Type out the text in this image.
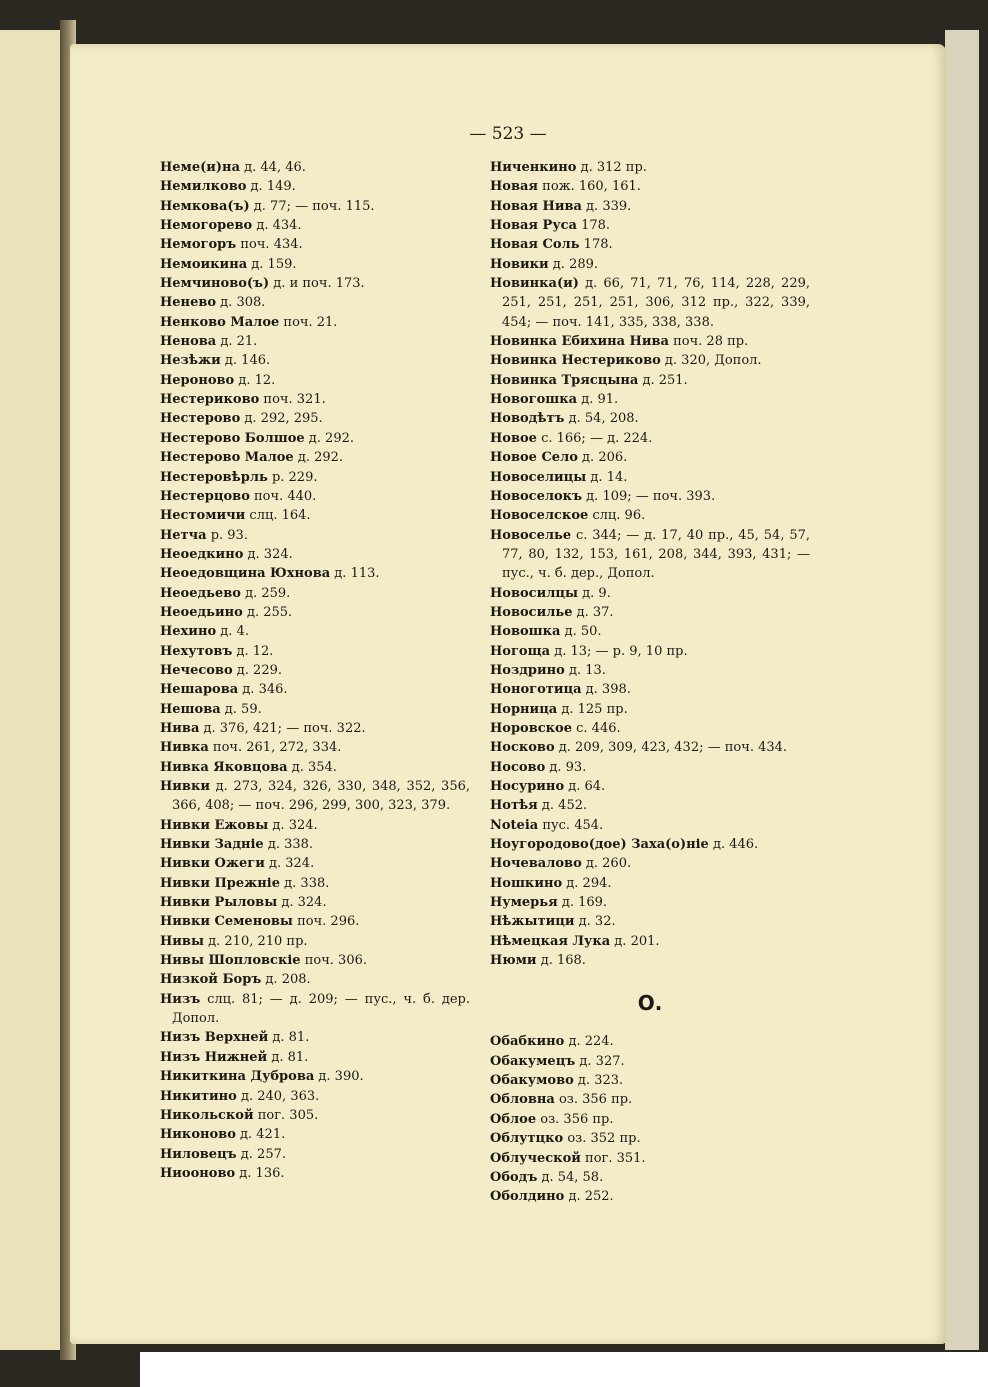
— 523 —
Неме(и)на д. 44, 46.
Немилково д. 149.
Немкова(ъ) д. 77; — поч. 115.
Немогорево д. 434.
Немогоръ поч. 434.
Немоикина д. 159.
Немчиново(ъ) д. и поч. 173.
Ненево д. 308.
Ненково Малое поч. 21.
Ненова д. 21.
Незѣжи д. 146.
Нероново д. 12.
Нестериково поч. 321.
Нестерово д. 292, 295.
Нестерово Болшое д. 292.
Нестерово Малое д. 292.
Нестеровѣрль р. 229.
Нестерцово поч. 440.
Нестомичи слц. 164.
Нетча р. 93.
Неоедкино д. 324.
Неоедовщина Юхнова д. 113.
Неоедьево д. 259.
Неоедьино д. 255.
Нехино д. 4.
Нехутовъ д. 12.
Нечесово д. 229.
Нешарова д. 346.
Нешова д. 59.
Нива д. 376, 421; — поч. 322.
Нивка поч. 261, 272, 334.
Нивка Яковцова д. 354.
Нивки д. 273, 324, 326, 330, 348, 352, 356, 366, 408; — поч. 296, 299, 300, 323, 379.
Нивки Ежовы д. 324.
Нивки Задніе д. 338.
Нивки Ожеги д. 324.
Нивки Прежніе д. 338.
Нивки Рыловы д. 324.
Нивки Семеновы поч. 296.
Нивы д. 210, 210 пр.
Нивы Шопловскіе поч. 306.
Низкой Боръ д. 208.
Низъ слц. 81; — д. 209; — пус., ч. б. дер. Допол.
Низъ Верхней д. 81.
Низъ Нижней д. 81.
Никиткина Дуброва д. 390.
Никитино д. 240, 363.
Никольской пог. 305.
Никоново д. 421.
Ниловецъ д. 257.
Ниооново д. 136.
Ниченкино д. 312 пр.
Новая пож. 160, 161.
Новая Нива д. 339.
Новая Руса 178.
Новая Соль 178.
Новики д. 289.
Новинка(и) д. 66, 71, 71, 76, 114, 228, 229, 251, 251, 251, 251, 306, 312 пр., 322, 339, 454; — поч. 141, 335, 338, 338.
Новинка Ебихина Нива поч. 28 пр.
Новинка Нестериково д. 320, Допол.
Новинка Трясцына д. 251.
Новогошка д. 91.
Новодѣтъ д. 54, 208.
Новое с. 166; — д. 224.
Новое Село д. 206.
Новоселицы д. 14.
Новоселокъ д. 109; — поч. 393.
Новоселское слц. 96.
Новоселье с. 344; — д. 17, 40 пр., 45, 54, 57, 77, 80, 132, 153, 161, 208, 344, 393, 431; — пус., ч. б. дер., Допол.
Новосилцы д. 9.
Новосилье д. 37.
Новошка д. 50.
Ногоща д. 13; — р. 9, 10 пр.
Ноздрино д. 13.
Ноноготица д. 398.
Норница д. 125 пр.
Норовское с. 446.
Носково д. 209, 309, 423, 432; — поч. 434.
Носово д. 93.
Носурино д. 64.
Нотѣя д. 452.
Noteia пус. 454.
Ноугородово(дое) Заха(о)ніе д. 446.
Ночевалово д. 260.
Ношкино д. 294.
Нумерья д. 169.
Нѣжытици д. 32.
Нѣмецкая Лука д. 201.
Нюми д. 168.
О.
Обабкино д. 224.
Обакумецъ д. 327.
Обакумово д. 323.
Обловна оз. 356 пр.
Облое оз. 356 пр.
Облутцко оз. 352 пр.
Облуческой пог. 351.
Ободъ д. 54, 58.
Оболдино д. 252.
